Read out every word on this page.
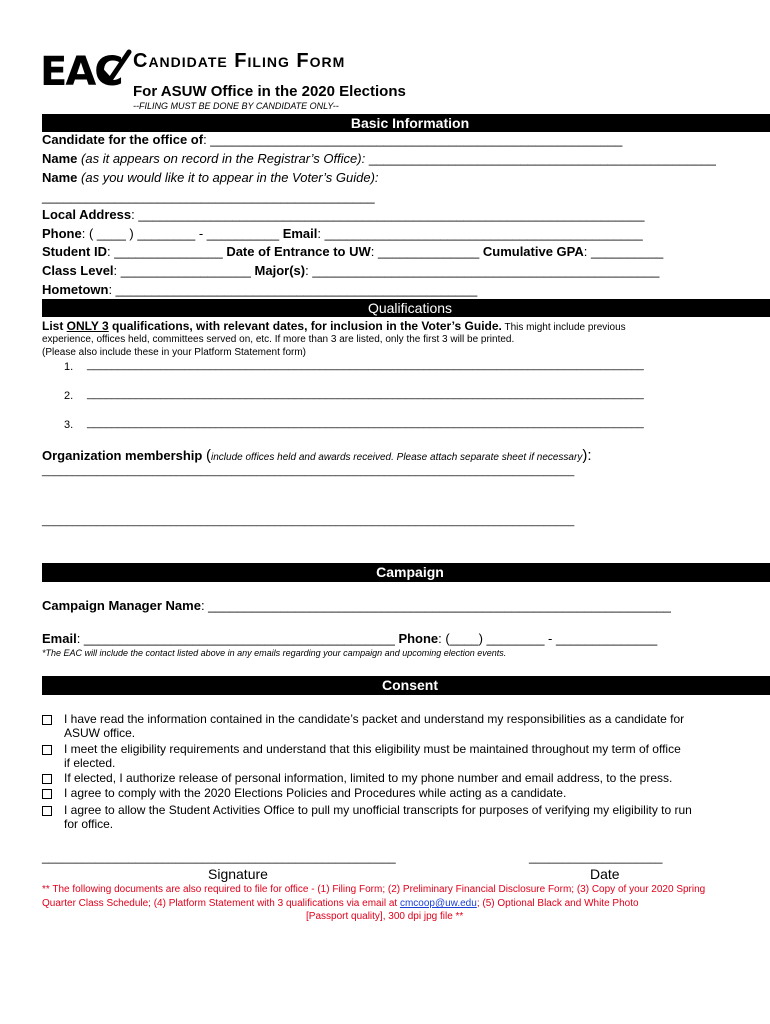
EAC Candidate Filing Form
For ASUW Office in the 2020 Elections
--FILING MUST BE DONE BY CANDIDATE ONLY--
Basic Information
Candidate for the office of: _________________________________________________________
Name (as it appears on record in the Registrar’s Office): ________________________________________________
Name (as you would like it to appear in the Voter’s Guide):
______________________________________________
Local Address: ______________________________________________________________________
Phone: ( ____ ) ________ - __________ Email: ____________________________________________
Student ID: _______________ Date of Entrance to UW: ______________ Cumulative GPA: __________
Class Level: __________________ Major(s): ________________________________________________
Hometown: __________________________________________________
Qualifications
List ONLY 3 qualifications, with relevant dates, for inclusion in the Voter’s Guide. This might include previous
experience, offices held, committees served on, etc. If more than 3 are listed, only the first 3 will be printed.
(Please also include these in your Platform Statement form)
1. ___________________________________________________________________________________________
2. ___________________________________________________________________________________________
3. ___________________________________________________________________________________________
Organization membership (include offices held and awards received. Please attach separate sheet if necessary):
_______________________________________________________________________________________
_______________________________________________________________________________________
Campaign
Campaign Manager Name: ________________________________________________________________
Email: ___________________________________________ Phone: (____) ________ - ______________
*The EAC will include the contact listed above in any emails regarding your campaign and upcoming election events.
Consent
I have read the information contained in the candidate’s packet and understand my responsibilities as a candidate for
ASUW office.
I meet the eligibility requirements and understand that this eligibility must be maintained throughout my term of office
if elected.
If elected, I authorize release of personal information, limited to my phone number and email address, to the press.
I agree to comply with the 2020 Elections Policies and Procedures while acting as a candidate.
I agree to allow the Student Activities Office to pull my unofficial transcripts for purposes of verifying my eligibility to run
for office.
_____________________________________________________
Signature
____________________
Date
** The following documents are also required to file for office - (1) Filing Form; (2) Preliminary Financial Disclosure Form; (3) Copy of your 2020 Spring
Quarter Class Schedule; (4) Platform Statement with 3 qualifications via email at cmcoop@uw.edu; (5) Optional Black and White Photo
[Passport quality], 300 dpi jpg file **
